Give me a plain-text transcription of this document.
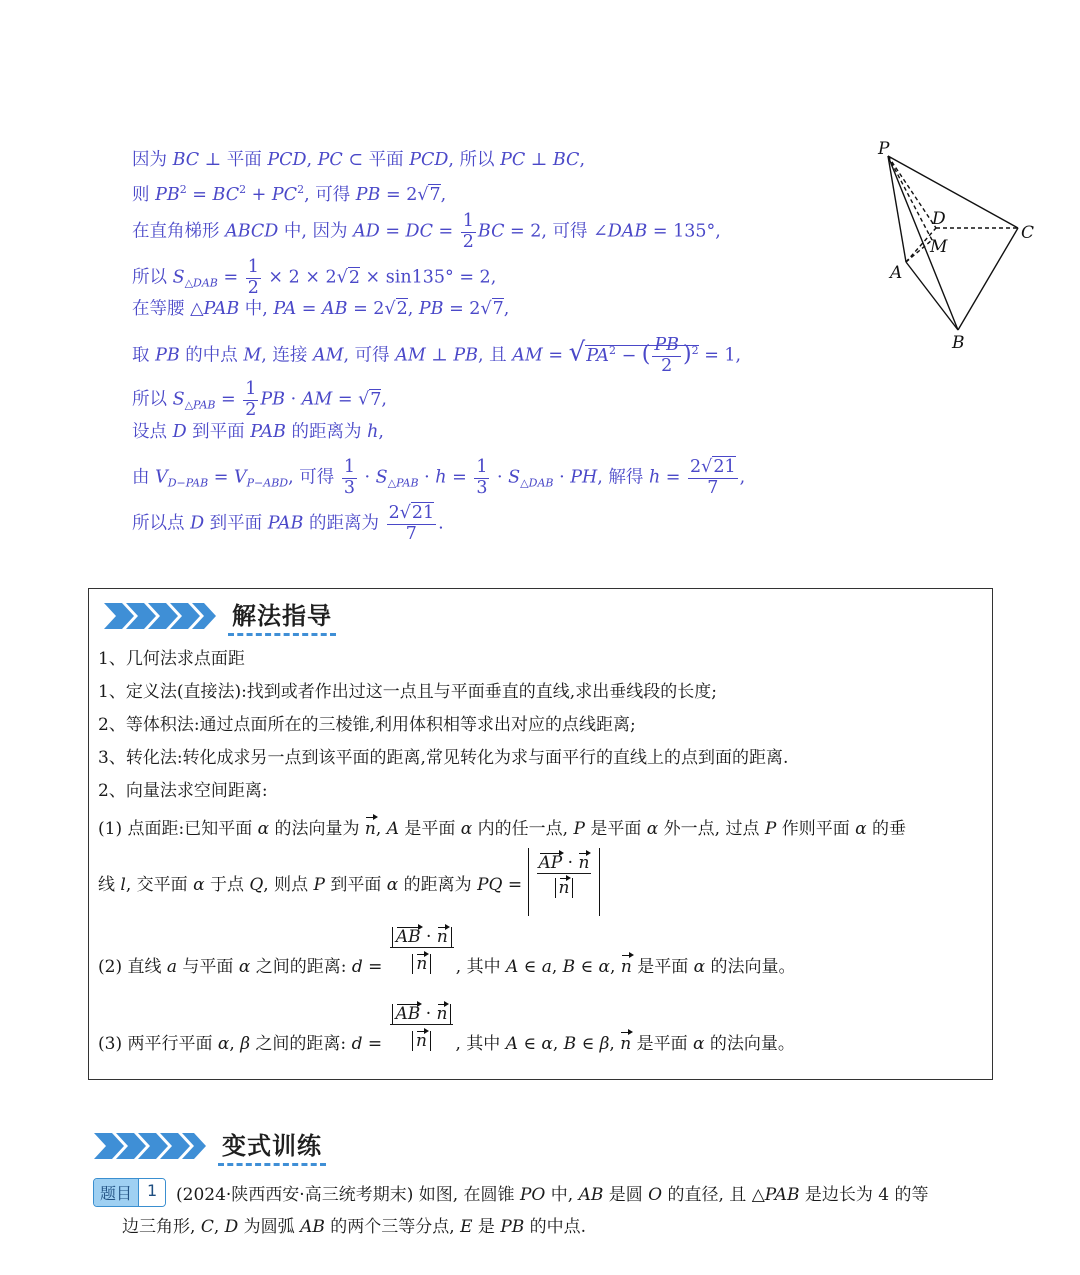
因为 BC ⊥ 平面 PCD, PC ⊂ 平面 PCD, 所以 PC ⊥ BC,
则 $PB^2 = BC^2 + PC^2$, 可得 PB = 2√7,
在直角梯形 ABCD 中, 因为 AD = DC = $\frac{1}{2}$ BC = 2, 可得 ∠DAB = 135°,
所以 $S_{\triangle DAB} = \frac{1}{2} \times 2 \times 2√2 \times \sin 135^\circ = 2$,
在等腰 △PAB 中, PA = AB = 2√2, PB = 2√7,
取 PB 的中点 M, 连接 AM, 可得 AM ⊥ PB, 且 AM = $√PA^2$ − ( $\frac{PB}{2} )^2 = 1$,
所以 $S_{\triangle PAB} = \frac{1}{2}$ PB · AM = √7,
设点 D 到平面 PAB 的距离为 h,
由 $V_{D-PAB} = V_{P-ABD}$, 可得 $\frac{1}{3} \cdot S_{\triangle PAB} \cdot h = \frac{1}{3} \cdot S_{\triangle DAB}$ · PH, 解得 $h = \frac{2√21}{7}$ ,
所以点 D 到平面 PAB 的距离为 $\frac{2√21}{7}$ .
P
D
C
M
A
B
解法指导
1、几何法求点面距
1、定义法(直接法):找到或者作出过这一点且与平面垂直的直线,求出垂线段的长度;
2、等体积法:通过点面所在的三棱锥,利用体积相等求出对应的点线距离;
3、转化法:转化成求另一点到该平面的距离,常见转化为求与面平行的直线上的点到面的距离.
2、向量法求空间距离:
(1) 点面距:已知平面 α 的法向量为 n, A 是平面 α 内的任一点, P 是平面 α 外一点, 过点 P 作则平面 α 的垂
线 l, 交平面 α 于点 Q, 则点 P 到平面 α 的距离为 PQ = $\frac{AP \cdot n}{n}$
(2) 直线 a 与平面 α 之间的距离: $d = \frac{AB \cdot n}{n}$ , 其中 A ∈ a, B ∈ α, n 是平面 α 的法向量。
(3) 两平行平面 α, β 之间的距离: $d = \frac{AB \cdot n}{n}$ , 其中 A ∈ α, B ∈ β, n 是平面 α 的法向量。
变式训练
题目 1	(2024·陕西西安·高三统考期末) 如图, 在圆锥 PO 中, AB 是圆 O 的直径, 且 △PAB 是边长为 4 的等
边三角形, C, D 为圆弧 AB 的两个三等分点, E 是 PB 的中点.
